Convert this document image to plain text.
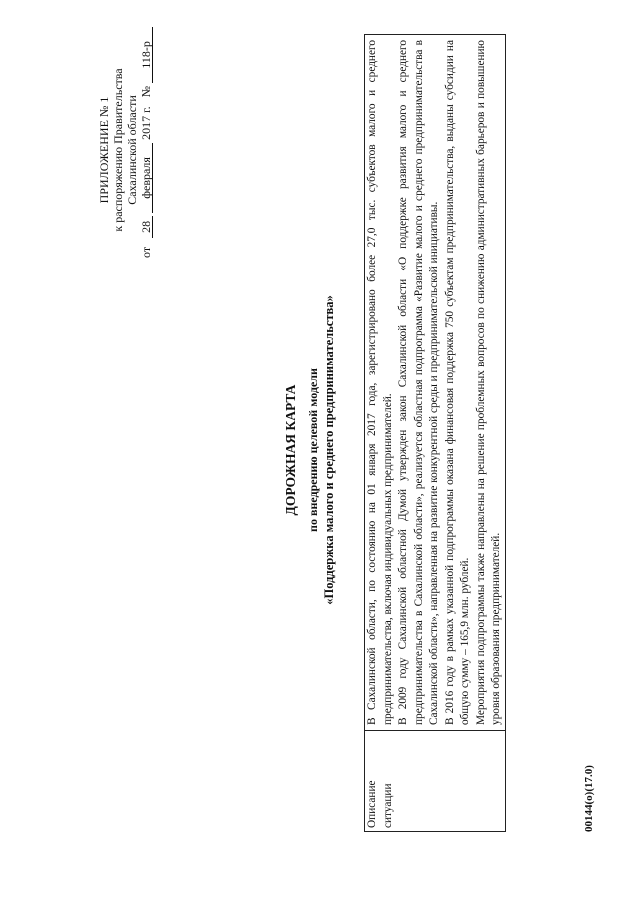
ПРИЛОЖЕНИЕ № 1 к распоряжению Правительства Сахалинской области
от 28 февраля 2017 г. № 118-р
ДОРОЖНАЯ КАРТА по внедрению целевой модели «Поддержка малого и среднего предпринимательства»
Описание ситуации	
В Сахалинской области, по состоянию на 01 января 2017 года, зарегистрировано более 27,0 тыс. субъектов малого и среднего предпринимательства, включая индивидуальных предпринимателей. В 2009 году Сахалинской областной Думой утвержден закон Сахалинской области «О поддержке развития малого и среднего предпринимательства в Сахалинской области», реализуется областная подпрограмма «Развитие малого и среднего предпринимательства в Сахалинской области», направленная на развитие конкурентной среды и предпринимательской инициативы. В 2016 году в рамках указанной подпрограммы оказана финансовая поддержка 750 субъектам предпринимательства, выданы субсидии на общую сумму – 165,9 млн. рублей. Мероприятия подпрограммы также направлены на решение проблемных вопросов по снижению административных барьеров и повышению уровня образования предпринимателей.
00144(о)(17.0)
